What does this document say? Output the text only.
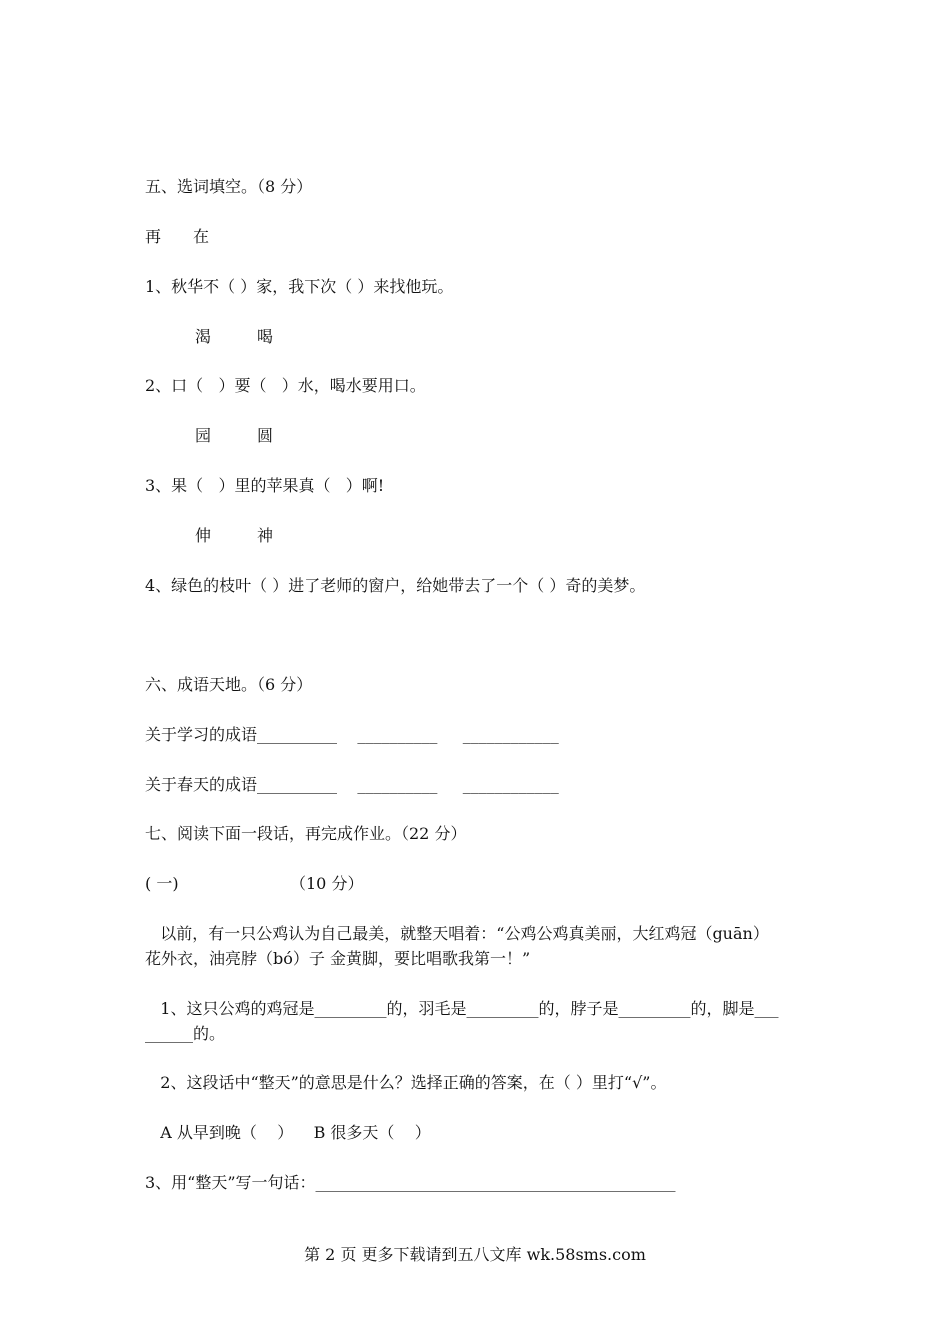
五、选词填空。（8 分）
再 在
1、秋华不（ ）家，我下次（ ）来找他玩。
渴	喝
2、口（   ）要（   ）水，喝水要用口。
园	圆
3、果（   ）里的苹果真（   ）啊!
伸	神
4、绿色的枝叶（ ）进了老师的窗户，给她带去了一个（ ）奇的美梦。
六、成语天地。（6 分）
关于学习的成语__________    __________     ____________
关于春天的成语__________    __________     ____________
七、阅读下面一段话，再完成作业。（22 分）
( 一)	（10 分）
以前，有一只公鸡认为自己最美，就整天唱着：“公鸡公鸡真美丽，大红鸡冠（guān）
花外衣，油亮脖（bó）子 金黄脚，要比唱歌我第一！”
1、这只公鸡的鸡冠是_________的，羽毛是_________的，脖子是_________的，脚是___
______的。
2、这段话中“整天”的意思是什么？选择正确的答案，在（ ）里打“√”。
A 从早到晚（    ）    B 很多天（    ）
3、用“整天”写一句话：_____________________________________________
第 2 页 更多下载请到五八文库 wk.58sms.com
